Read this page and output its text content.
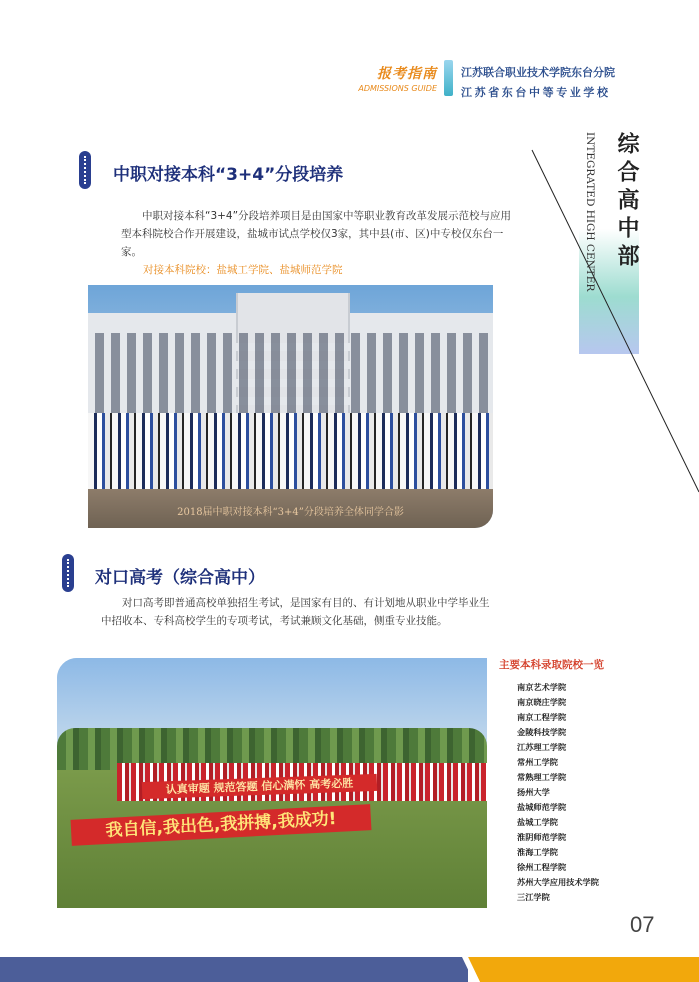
报考指南
ADMISSIONS GUIDE
江苏联合职业技术学院东台分院
江苏省东台中等专业学校
INTEGRATED HIGH CENTER 综合高中部
中职对接本科“3+4”分段培养
中职对接本科“3+4”分段培养项目是由国家中等职业教育改革发展示范校与应用型本科院校合作开展建设，盐城市试点学校仅3家，其中县(市、区)中专校仅东台一家。
对接本科院校：盐城工学院、盐城师范学院
2018届中职对接本科“3+4”分段培养全体同学合影
对口高考（综合高中）
对口高考即普通高校单独招生考试，是国家有目的、有计划地从职业中学毕业生中招收本、专科高校学生的专项考试，考试兼顾文化基础，侧重专业技能。
认真审题 规范答题 信心满怀 高考必胜
我自信,我出色,我拼搏,我成功!
主要本科录取院校一览
南京艺术学院
南京晓庄学院
南京工程学院
金陵科技学院
江苏理工学院
常州工学院
常熟理工学院
扬州大学
盐城师范学院
盐城工学院
淮阴师范学院
淮海工学院
徐州工程学院
苏州大学应用技术学院
三江学院
07
